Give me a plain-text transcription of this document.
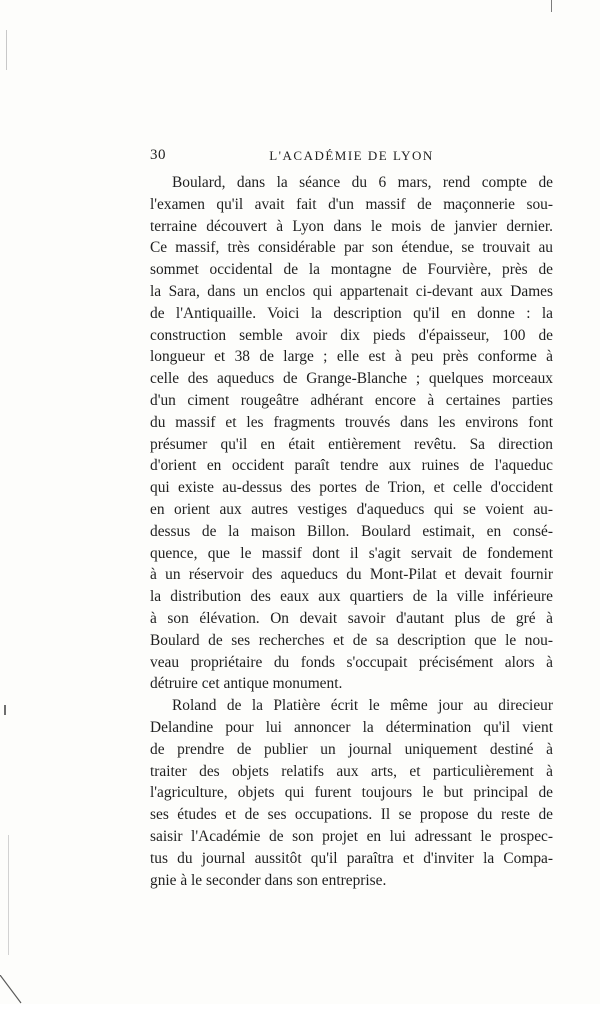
30	L'ACADÉMIE DE LYON
Boulard, dans la séance du 6 mars, rend compte de
l'examen qu'il avait fait d'un massif de maçonnerie sou-
terraine découvert à Lyon dans le mois de janvier dernier.
Ce massif, très considérable par son étendue, se trouvait au
sommet occidental de la montagne de Fourvière, près de
la Sara, dans un enclos qui appartenait ci-devant aux Dames
de l'Antiquaille. Voici la description qu'il en donne : la
construction semble avoir dix pieds d'épaisseur, 100 de
longueur et 38 de large ; elle est à peu près conforme à
celle des aqueducs de Grange-Blanche ; quelques morceaux
d'un ciment rougeâtre adhérant encore à certaines parties
du massif et les fragments trouvés dans les environs font
présumer qu'il en était entièrement revêtu. Sa direction
d'orient en occident paraît tendre aux ruines de l'aqueduc
qui existe au-dessus des portes de Trion, et celle d'occident
en orient aux autres vestiges d'aqueducs qui se voient au-
dessus de la maison Billon. Boulard estimait, en consé-
quence, que le massif dont il s'agit servait de fondement
à un réservoir des aqueducs du Mont-Pilat et devait fournir
la distribution des eaux aux quartiers de la ville inférieure
à son élévation. On devait savoir d'autant plus de gré à
Boulard de ses recherches et de sa description que le nou-
veau propriétaire du fonds s'occupait précisément alors à
détruire cet antique monument.
Roland de la Platière écrit le même jour au direcieur
Delandine pour lui annoncer la détermination qu'il vient
de prendre de publier un journal uniquement destiné à
traiter des objets relatifs aux arts, et particulièrement à
l'agriculture, objets qui furent toujours le but principal de
ses études et de ses occupations. Il se propose du reste de
saisir l'Académie de son projet en lui adressant le prospec-
tus du journal aussitôt qu'il paraîtra et d'inviter la Compa-
gnie à le seconder dans son entreprise.
